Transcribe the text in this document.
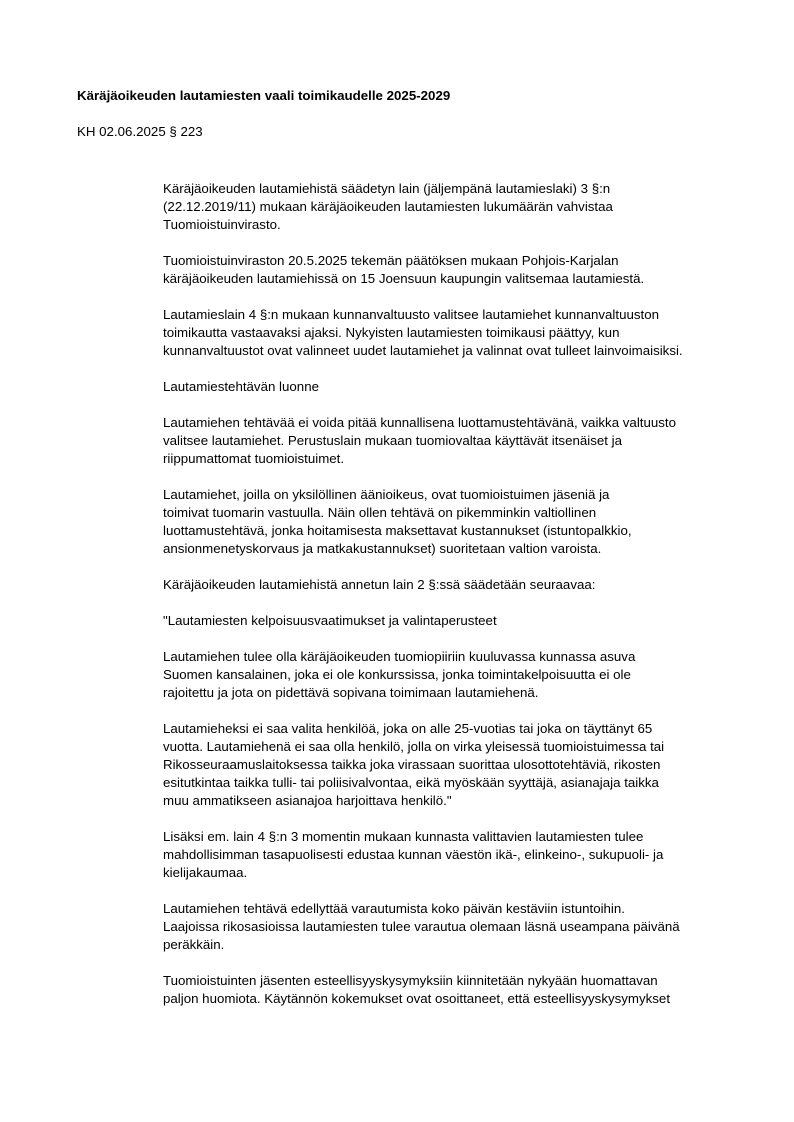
Käräjäoikeuden lautamiesten vaali toimikaudelle 2025-2029
KH 02.06.2025 § 223

Käräjäoikeuden lautamiehistä säädetyn lain (jäljempänä lautamieslaki) 3 §:n
(22.12.2019/11) mukaan käräjäoikeuden lautamiesten lukumäärän vahvistaa
Tuomioistuinvirasto.

Tuomioistuinviraston 20.5.2025 tekemän päätöksen mukaan Pohjois-Karjalan
käräjäoikeuden lautamiehissä on 15 Joensuun kaupungin valitsemaa lautamiestä.

Lautamieslain 4 §:n mukaan kunnanvaltuusto valitsee lautamiehet kunnanvaltuuston
toimikautta vastaavaksi ajaksi. Nykyisten lautamiesten toimikausi päättyy, kun
kunnanvaltuustot ovat valinneet uudet lautamiehet ja valinnat ovat tulleet lainvoimaisiksi.

Lautamiestehtävän luonne

Lautamiehen tehtävää ei voida pitää kunnallisena luottamustehtävänä, vaikka valtuusto
valitsee lautamiehet. Perustuslain mukaan tuomiovaltaa käyttävät itsenäiset ja
riippumattomat tuomioistuimet.

Lautamiehet, joilla on yksilöllinen äänioikeus, ovat tuomioistuimen jäseniä ja
toimivat tuomarin vastuulla. Näin ollen tehtävä on pikemminkin valtiollinen
luottamustehtävä, jonka hoitamisesta maksettavat kustannukset (istuntopalkkio,
ansionmenetyskorvaus ja matkakustannukset) suoritetaan valtion varoista.

Käräjäoikeuden lautamiehistä annetun lain 2 §:ssä säädetään seuraavaa:

"Lautamiesten kelpoisuusvaatimukset ja valintaperusteet

Lautamiehen tulee olla käräjäoikeuden tuomiopiiriin kuuluvassa kunnassa asuva
Suomen kansalainen, joka ei ole konkurssissa, jonka toimintakelpoisuutta ei ole
rajoitettu ja jota on pidettävä sopivana toimimaan lautamiehenä.

Lautamieheksi ei saa valita henkilöä, joka on alle 25-vuotias tai joka on täyttänyt 65
vuotta. Lautamiehenä ei saa olla henkilö, jolla on virka yleisessä tuomioistuimessa tai
Rikosseuraamuslaitoksessa taikka joka virassaan suorittaa ulosottotehtäviä, rikosten
esitutkintaa taikka tulli- tai poliisivalvontaa, eikä myöskään syyttäjä, asianajaja taikka
muu ammatikseen asianajoa harjoittava henkilö."

Lisäksi em. lain 4 §:n 3 momentin mukaan kunnasta valittavien lautamiesten tulee
mahdollisimman tasapuolisesti edustaa kunnan väestön ikä-, elinkeino-, sukupuoli- ja
kielijakaumaa.

Lautamiehen tehtävä edellyttää varautumista koko päivän kestäviin istuntoihin.
Laajoissa rikosasioissa lautamiesten tulee varautua olemaan läsnä useampana päivänä
peräkkäin.

Tuomioistuinten jäsenten esteellisyyskysymyksiin kiinnitetään nykyään huomattavan
paljon huomiota. Käytännön kokemukset ovat osoittaneet, että esteellisyyskysymykset
